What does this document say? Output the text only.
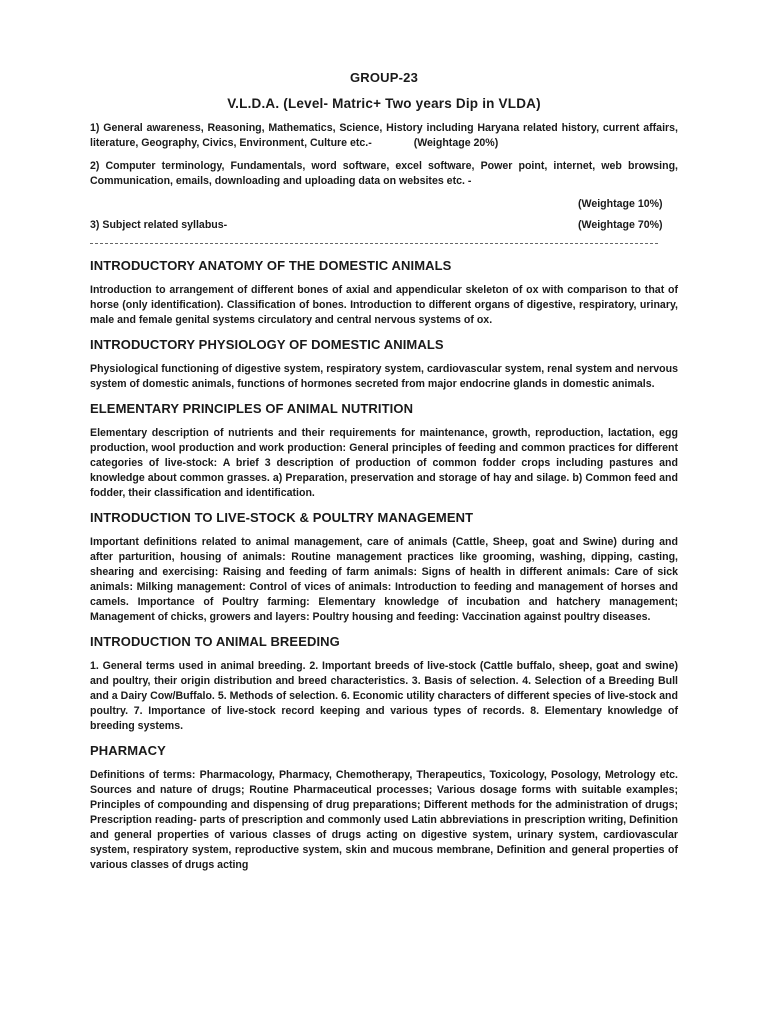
GROUP-23
V.L.D.A. (Level- Matric+ Two years Dip in VLDA)
1) General awareness, Reasoning, Mathematics, Science, History including Haryana related history, current affairs, literature, Geography, Civics, Environment, Culture etc.-	(Weightage 20%)
2) Computer terminology, Fundamentals, word software, excel software, Power point, internet, web browsing, Communication, emails, downloading and uploading data on websites etc. -
(Weightage 10%)
3) Subject related syllabus-	(Weightage 70%)
INTRODUCTORY ANATOMY OF THE DOMESTIC ANIMALS
Introduction to arrangement of different bones of axial and appendicular skeleton of ox with comparison to that of horse (only identification). Classification of bones. Introduction to different organs of digestive, respiratory, urinary, male and female genital systems circulatory and central nervous systems of ox.
INTRODUCTORY PHYSIOLOGY OF DOMESTIC ANIMALS
Physiological functioning of digestive system, respiratory system, cardiovascular system, renal system and nervous system of domestic animals, functions of hormones secreted from major endocrine glands in domestic animals.
ELEMENTARY PRINCIPLES OF ANIMAL NUTRITION
Elementary description of nutrients and their requirements for maintenance, growth, reproduction, lactation, egg production, wool production and work production: General principles of feeding and common practices for different categories of live-stock: A brief 3 description of production of common fodder crops including pastures and knowledge about common grasses. a) Preparation, preservation and storage of hay and silage. b) Common feed and fodder, their classification and identification.
INTRODUCTION TO LIVE-STOCK & POULTRY MANAGEMENT
Important definitions related to animal management, care of animals (Cattle, Sheep, goat and Swine) during and after parturition, housing of animals: Routine management practices like grooming, washing, dipping, casting, shearing and exercising: Raising and feeding of farm animals: Signs of health in different animals: Care of sick animals: Milking management: Control of vices of animals: Introduction to feeding and management of horses and camels. Importance of Poultry farming: Elementary knowledge of incubation and hatchery management; Management of chicks, growers and layers: Poultry housing and feeding: Vaccination against poultry diseases.
INTRODUCTION TO ANIMAL BREEDING
1. General terms used in animal breeding. 2. Important breeds of live-stock (Cattle buffalo, sheep, goat and swine) and poultry, their origin distribution and breed characteristics. 3. Basis of selection. 4. Selection of a Breeding Bull and a Dairy Cow/Buffalo. 5. Methods of selection. 6. Economic utility characters of different species of live-stock and poultry. 7. Importance of live-stock record keeping and various types of records. 8. Elementary knowledge of breeding systems.
PHARMACY
Definitions of terms: Pharmacology, Pharmacy, Chemotherapy, Therapeutics, Toxicology, Posology, Metrology etc. Sources and nature of drugs; Routine Pharmaceutical processes; Various dosage forms with suitable examples; Principles of compounding and dispensing of drug preparations; Different methods for the administration of drugs; Prescription reading- parts of prescription and commonly used Latin abbreviations in prescription writing, Definition and general properties of various classes of drugs acting on digestive system, urinary system, cardiovascular system, respiratory system, reproductive system, skin and mucous membrane, Definition and general properties of various classes of drugs acting
